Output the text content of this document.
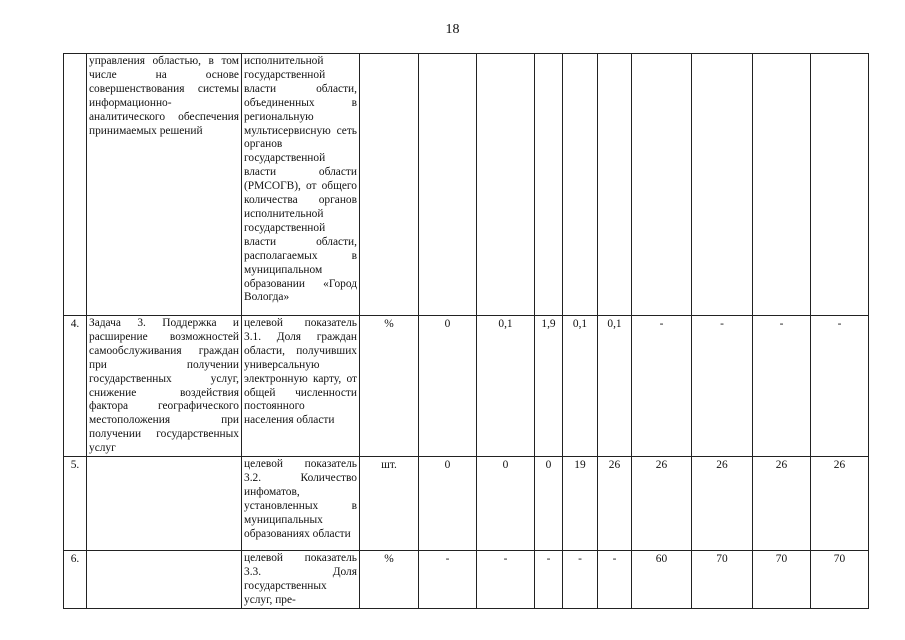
18
	управления областью, в том числе на основе совершенствования системы информационно-аналитического обеспечения принимаемых решений	исполнительной государственной власти области, объединенных в региональную мультисервисную сеть органов государственной власти области (РМСОГВ), от общего количества органов исполнительной государственной власти области, располагаемых в муниципальном образовании «Город Вологда»										
4.	Задача 3. Поддержка и расширение возможностей самообслуживания граждан при получении государственных услуг, снижение воздействия фактора географического местоположения при получении государственных услуг	целевой показатель 3.1. Доля граждан области, получивших универсальную электронную карту, от общей численности постоянного населения области	%	0	0,1	1,9	0,1	0,1	-	-	-	-
5.		целевой показатель 3.2. Количество инфоматов, установленных в муниципальных образованиях области	шт.	0	0	0	19	26	26	26	26	26
6.		целевой показатель 3.3. Доля государственных услуг, пре-	%	-	-	-	-	-	60	70	70	70
